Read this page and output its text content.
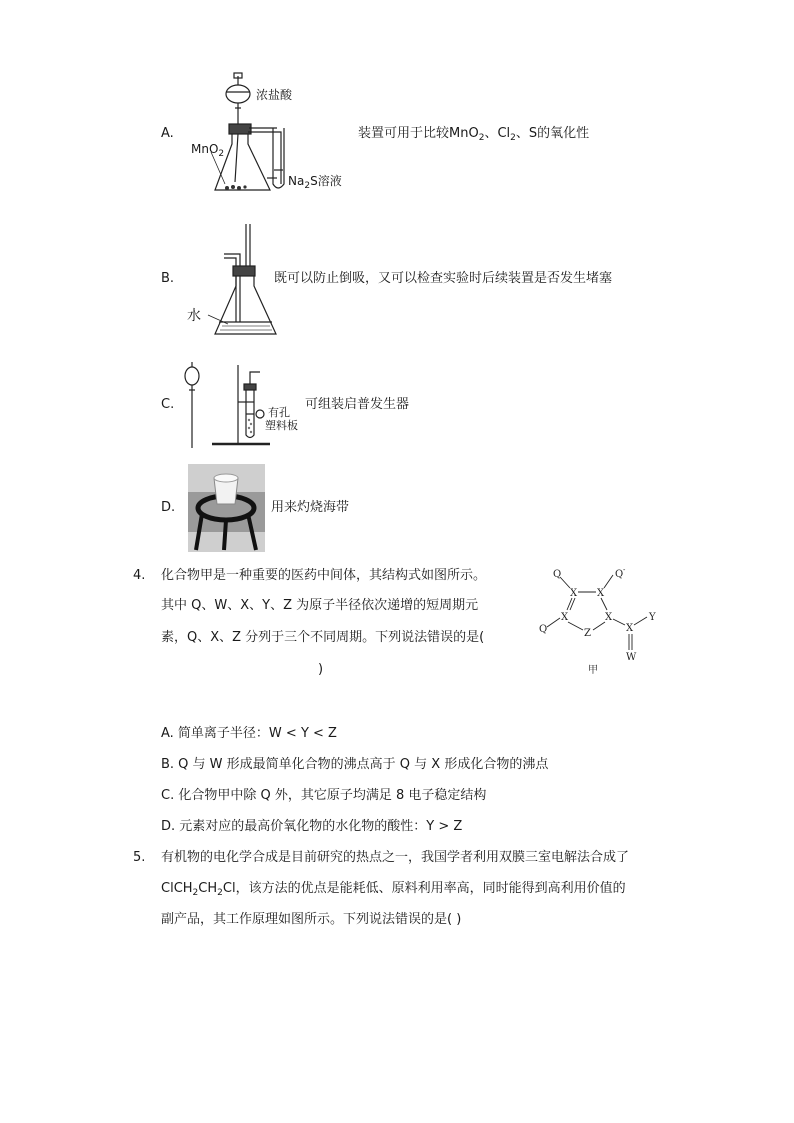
A.
浓盐酸
MnO$_2$
$Na_2S$溶液
装置可用于比较MnO$_2$、$Cl_2$、S的氧化性
B.
水
既可以防止倒吸，又可以检查实验时后续装置是否发生堵塞
C.
有孔
塑料板
可组装启普发生器
D.	用来灼烧海带
4. 化合物甲是一种重要的医药中间体，其结构式如图所示。
其中 Q、W、X、Y、Z 为原子半径依次递增的短周期元
素，Q、X、Z 分列于三个不同周期。下列说法错误的是(
)
Q	Q -
X X
Q
X	X
Z
Y
X
W
甲
A. 简单离子半径：W < Y < Z
B. Q 与 W 形成最简单化合物的沸点高于 Q 与 X 形成化合物的沸点
C. 化合物甲中除 Q 外，其它原子均满足 8 电子稳定结构
D. 元素对应的最高价氧化物的水化物的酸性：Y > Z
5. 有机物的电化学合成是目前研究的热点之一，我国学者利用双膜三室电解法合成了
$ClCH_2CH_2Cl$，该方法的优点是能耗低、原料利用率高，同时能得到高利用价值的
副产品，其工作原理如图所示。下列说法错误的是( )
